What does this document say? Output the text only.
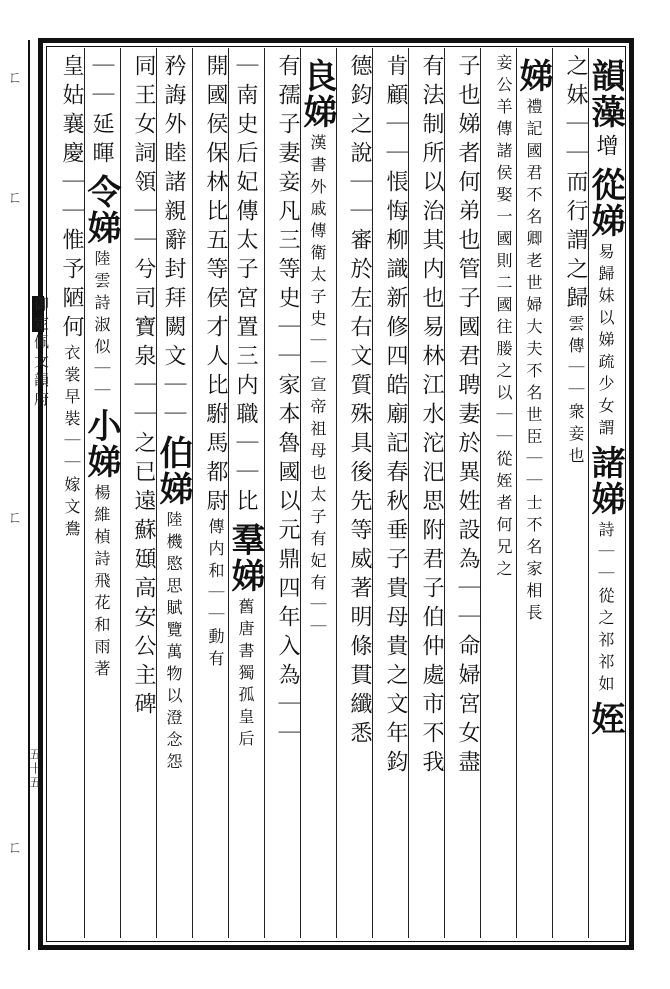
ㄈ
ㄈ
ㄈ
ㄈ
御定佩文韻府
五十五
韻藻增從娣易歸妹以娣疏少女謂諸娣詩｜｜從之祁祁如姪
之妹｜｜而行謂之歸雲傳｜｜衆妾也
娣禮記國君不名卿老世婦大夫不名世臣｜｜士不名家相長
妾公羊傳諸侯娶一國則二國往媵之以｜｜從姪者何兄之
子也娣者何弟也管子國君聘妻於異姓設為｜｜命婦宮女盡
有法制所以治其内也易林江水沱汜思附君子伯仲處市不我
肯顧｜｜悵悔柳識新修四皓廟記春秋垂子貴母貴之文年鈞
德鈞之說｜｜審於左右文質殊具後先等威著明條貫纖悉
良娣漢書外戚傳衛太子史｜｜宣帝祖母也太子有妃有｜｜
有孺子妻妾凡三等史｜｜家本魯國以元鼎四年入為｜｜
｜南史后妃傳太子宮置三内職｜｜比羣娣舊唐書獨孤皇后
開國侯保林比五等侯才人比駙馬都尉傳内和｜｜動有
矜誨外睦諸親辭封拜闕文｜｜伯娣陸機愍思賦覽萬物以澄念怨
同王女詞領｜｜兮司寶泉｜｜之已遠蘇頲高安公主碑
｜｜延暉令娣陸雲詩淑似｜｜小娣楊維楨詩飛花和雨著
皇姑襄慶｜｜惟予陋何衣裳早裝｜｜嫁文鴦
